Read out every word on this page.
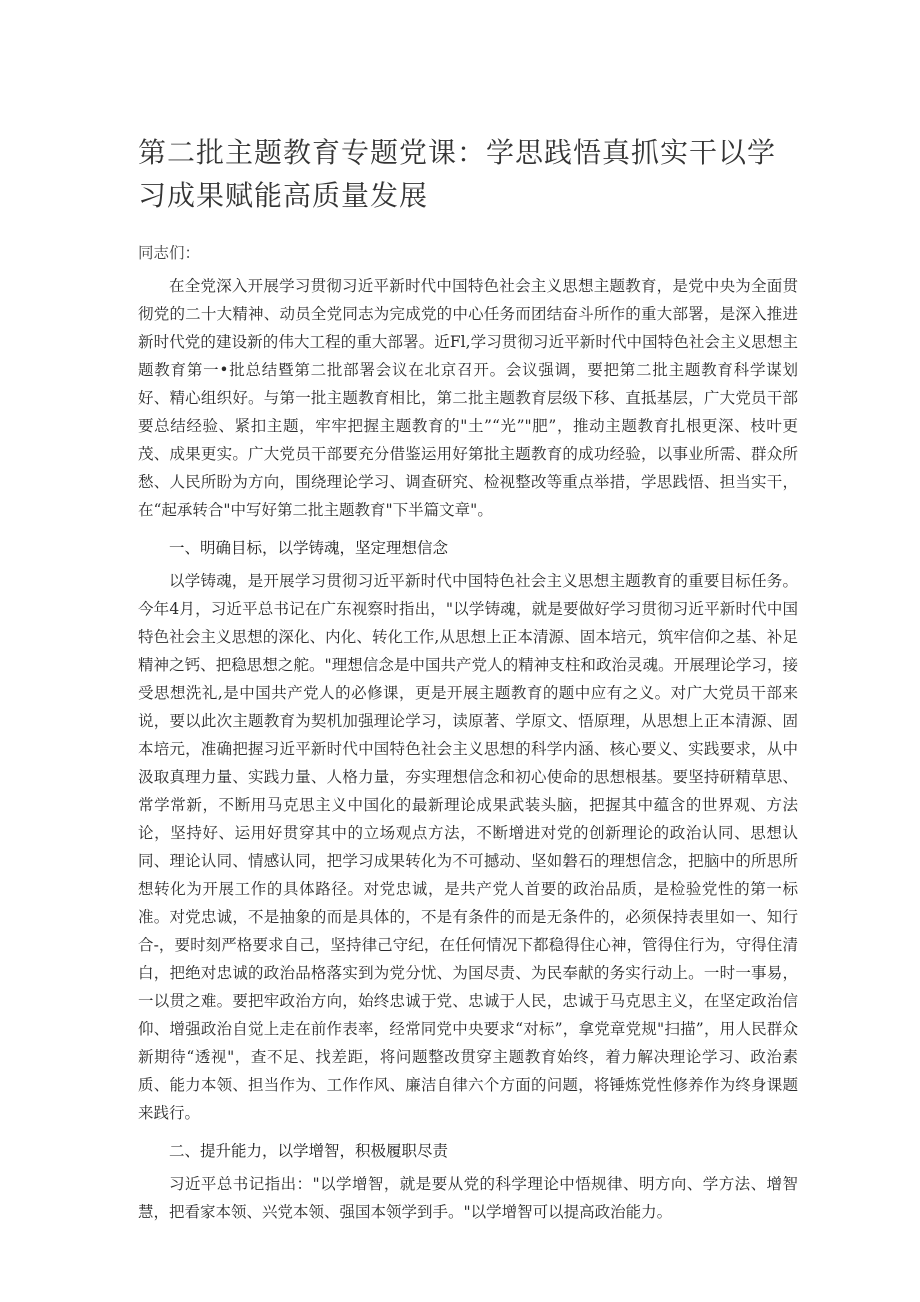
第二批主题教育专题党课：学思践悟真抓实干以学习成果赋能高质量发展

同志们：

在全党深入开展学习贯彻习近平新时代中国特色社会主义思想主题教育，是党中央为全面贯彻党的二十大精神、动员全党同志为完成党的中心任务而团结奋斗所作的重大部署，是深入推进新时代党的建设新的伟大工程的重大部署。近Fl,学习贯彻习近平新时代中国特色社会主义思想主题教育第一•批总结暨第二批部署会议在北京召开。会议强调，要把第二批主题教育科学谋划好、精心组织好。与第一批主题教育相比，第二批主题教育层级下移、直抵基层，广大党员干部要总结经验、紧扣主题，牢牢把握主题教育的"土”“光”"肥”，推动主题教育扎根更深、枝叶更茂、成果更实。广大党员干部要充分借鉴运用好第批主题教育的成功经验，以事业所需、群众所愁、人民所盼为方向，围绕理论学习、调查研究、检视整改等重点举措，学思践悟、担当实干，在“起承转合"中写好第二批主题教育"下半篇文章"。

一、明确目标，以学铸魂，坚定理想信念

以学铸魂，是开展学习贯彻习近平新时代中国特色社会主义思想主题教育的重要目标任务。今年4月，习近平总书记在广东视察时指出，"以学铸魂，就是要做好学习贯彻习近平新时代中国特色社会主义思想的深化、内化、转化工作,从思想上正本清源、固本培元，筑牢信仰之基、补足精神之钙、把稳思想之舵。"理想信念是中国共产党人的精神支柱和政治灵魂。开展理论学习，接受思想洗礼,是中国共产党人的必修课，更是开展主题教育的题中应有之义。对广大党员干部来说，要以此次主题教育为契机加强理论学习，读原著、学原文、悟原理，从思想上正本清源、固本培元，准确把握习近平新时代中国特色社会主义思想的科学内涵、核心要义、实践要求，从中汲取真理力量、实践力量、人格力量，夯实理想信念和初心使命的思想根基。要坚持研精草思、常学常新，不断用马克思主义中国化的最新理论成果武装头脑，把握其中蕴含的世界观、方法论，坚持好、运用好贯穿其中的立场观点方法，不断增进对党的创新理论的政治认同、思想认同、理论认同、情感认同，把学习成果转化为不可撼动、坚如磐石的理想信念，把脑中的所思所想转化为开展工作的具体路径。对党忠诚，是共产党人首要的政治品质，是检验党性的第一标准。对党忠诚，不是抽象的而是具体的，不是有条件的而是无条件的，必须保持表里如一、知行合-，要时刻严格要求自己，坚持律己守纪，在任何情况下都稳得住心神，管得住行为，守得住清白，把绝对忠诚的政治品格落实到为党分忧、为国尽责、为民奉献的务实行动上。一时一事易，一以贯之难。要把牢政治方向，始终忠诚于党、忠诚于人民，忠诚于马克思主义，在坚定政治信仰、增强政治自觉上走在前作表率，经常同党中央要求“对标”，拿党章党规"扫描”，用人民群众新期待“透视"，查不足、找差距，将问题整改贯穿主题教育始终，着力解决理论学习、政治素质、能力本领、担当作为、工作作风、廉洁自律六个方面的问题，将锤炼党性修养作为终身课题来践行。

二、提升能力，以学增智，积极履职尽责

习近平总书记指出："以学增智，就是要从党的科学理论中悟规律、明方向、学方法、增智慧，把看家本领、兴党本领、强国本领学到手。"以学增智可以提高政治能力。
